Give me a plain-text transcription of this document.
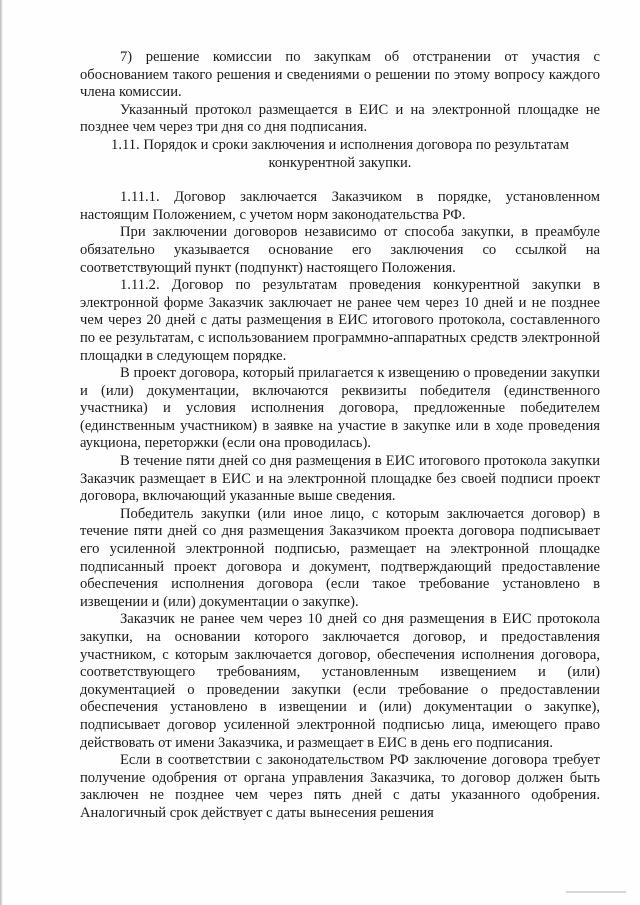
7) решение комиссии по закупкам об отстранении от участия с обоснованием такого решения и сведениями о решении по этому вопросу каждого члена комиссии.

Указанный протокол размещается в ЕИС и на электронной площадке не позднее чем через три дня со дня подписания.

1.11. Порядок и сроки заключения и исполнения договора по результатам конкурентной закупки.

1.11.1. Договор заключается Заказчиком в порядке, установленном настоящим Положением, с учетом норм законодательства РФ.

При заключении договоров независимо от способа закупки, в преамбуле обязательно указывается основание его заключения со ссылкой на соответствующий пункт (подпункт) настоящего Положения.

1.11.2. Договор по результатам проведения конкурентной закупки в электронной форме Заказчик заключает не ранее чем через 10 дней и не позднее чем через 20 дней с даты размещения в ЕИС итогового протокола, составленного по ее результатам, с использованием программно-аппаратных средств электронной площадки в следующем порядке.

В проект договора, который прилагается к извещению о проведении закупки и (или) документации, включаются реквизиты победителя (единственного участника) и условия исполнения договора, предложенные победителем (единственным участником) в заявке на участие в закупке или в ходе проведения аукциона, переторжки (если она проводилась).

В течение пяти дней со дня размещения в ЕИС итогового протокола закупки Заказчик размещает в ЕИС и на электронной площадке без своей подписи проект договора, включающий указанные выше сведения.

Победитель закупки (или иное лицо, с которым заключается договор) в течение пяти дней со дня размещения Заказчиком проекта договора подписывает его усиленной электронной подписью, размещает на электронной площадке подписанный проект договора и документ, подтверждающий предоставление обеспечения исполнения договора (если такое требование установлено в извещении и (или) документации о закупке).

Заказчик не ранее чем через 10 дней со дня размещения в ЕИС протокола закупки, на основании которого заключается договор, и предоставления участником, с которым заключается договор, обеспечения исполнения договора, соответствующего требованиям, установленным извещением и (или) документацией о проведении закупки (если требование о предоставлении обеспечения установлено в извещении и (или) документации о закупке), подписывает договор усиленной электронной подписью лица, имеющего право действовать от имени Заказчика, и размещает в ЕИС в день его подписания.

Если в соответствии с законодательством РФ заключение договора требует получение одобрения от органа управления Заказчика, то договор должен быть заключен не позднее чем через пять дней с даты указанного одобрения. Аналогичный срок действует с даты вынесения решения
